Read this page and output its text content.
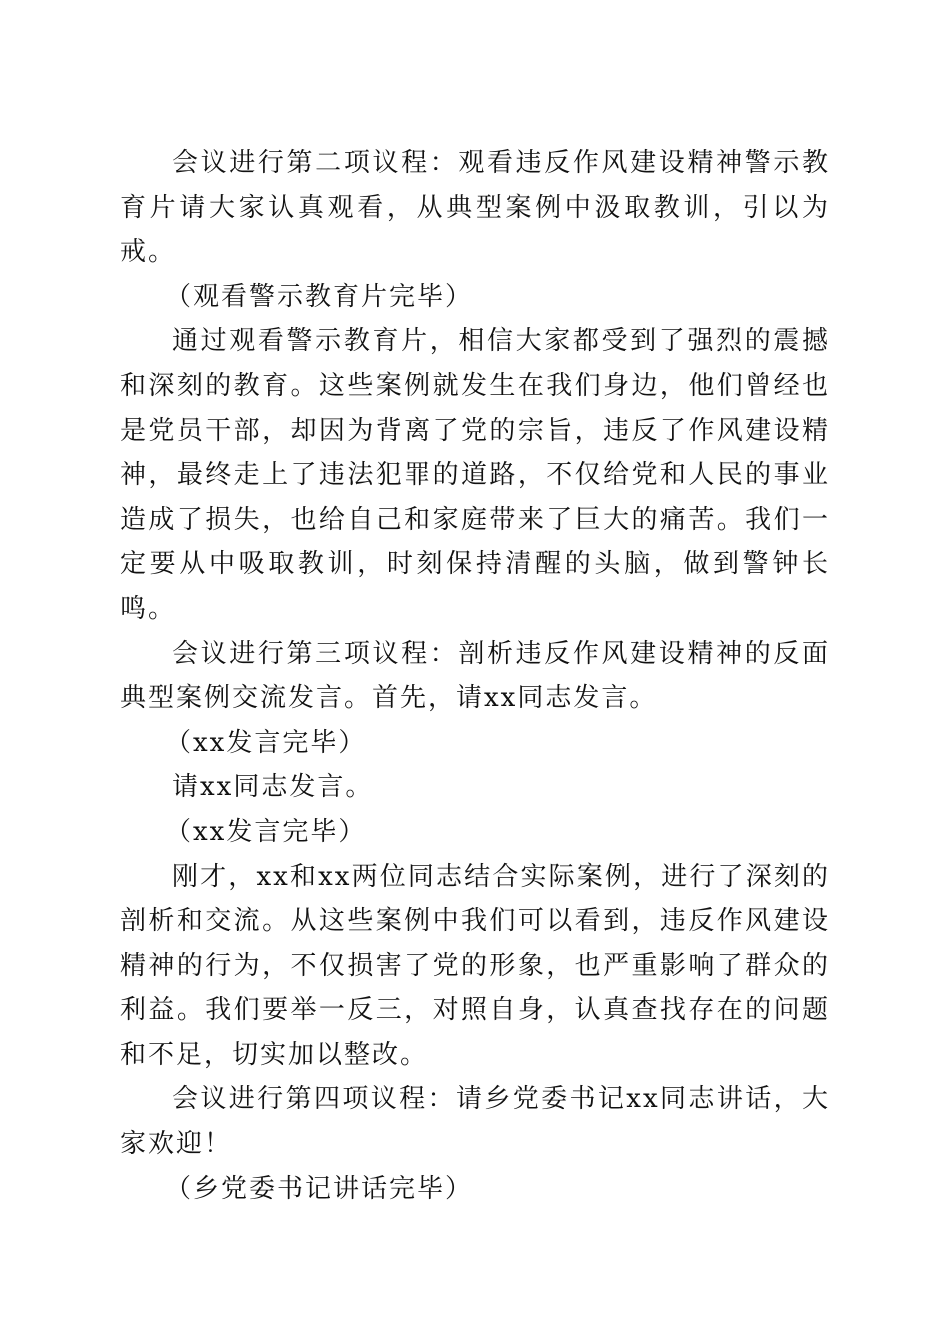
会议进行第二项议程：观看违反作风建设精神警示教育片请大家认真观看，从典型案例中汲取教训，引以为戒。

（观看警示教育片完毕）

通过观看警示教育片，相信大家都受到了强烈的震撼和深刻的教育。这些案例就发生在我们身边，他们曾经也是党员干部，却因为背离了党的宗旨，违反了作风建设精神，最终走上了违法犯罪的道路，不仅给党和人民的事业造成了损失，也给自己和家庭带来了巨大的痛苦。我们一定要从中吸取教训，时刻保持清醒的头脑，做到警钟长鸣。

会议进行第三项议程：剖析违反作风建设精神的反面典型案例交流发言。首先，请xx同志发言。

（xx发言完毕）

请xx同志发言。

（xx发言完毕）

刚才，xx和xx两位同志结合实际案例，进行了深刻的剖析和交流。从这些案例中我们可以看到，违反作风建设精神的行为，不仅损害了党的形象，也严重影响了群众的利益。我们要举一反三，对照自身，认真查找存在的问题和不足，切实加以整改。

会议进行第四项议程：请乡党委书记xx同志讲话，大家欢迎！

（乡党委书记讲话完毕）
